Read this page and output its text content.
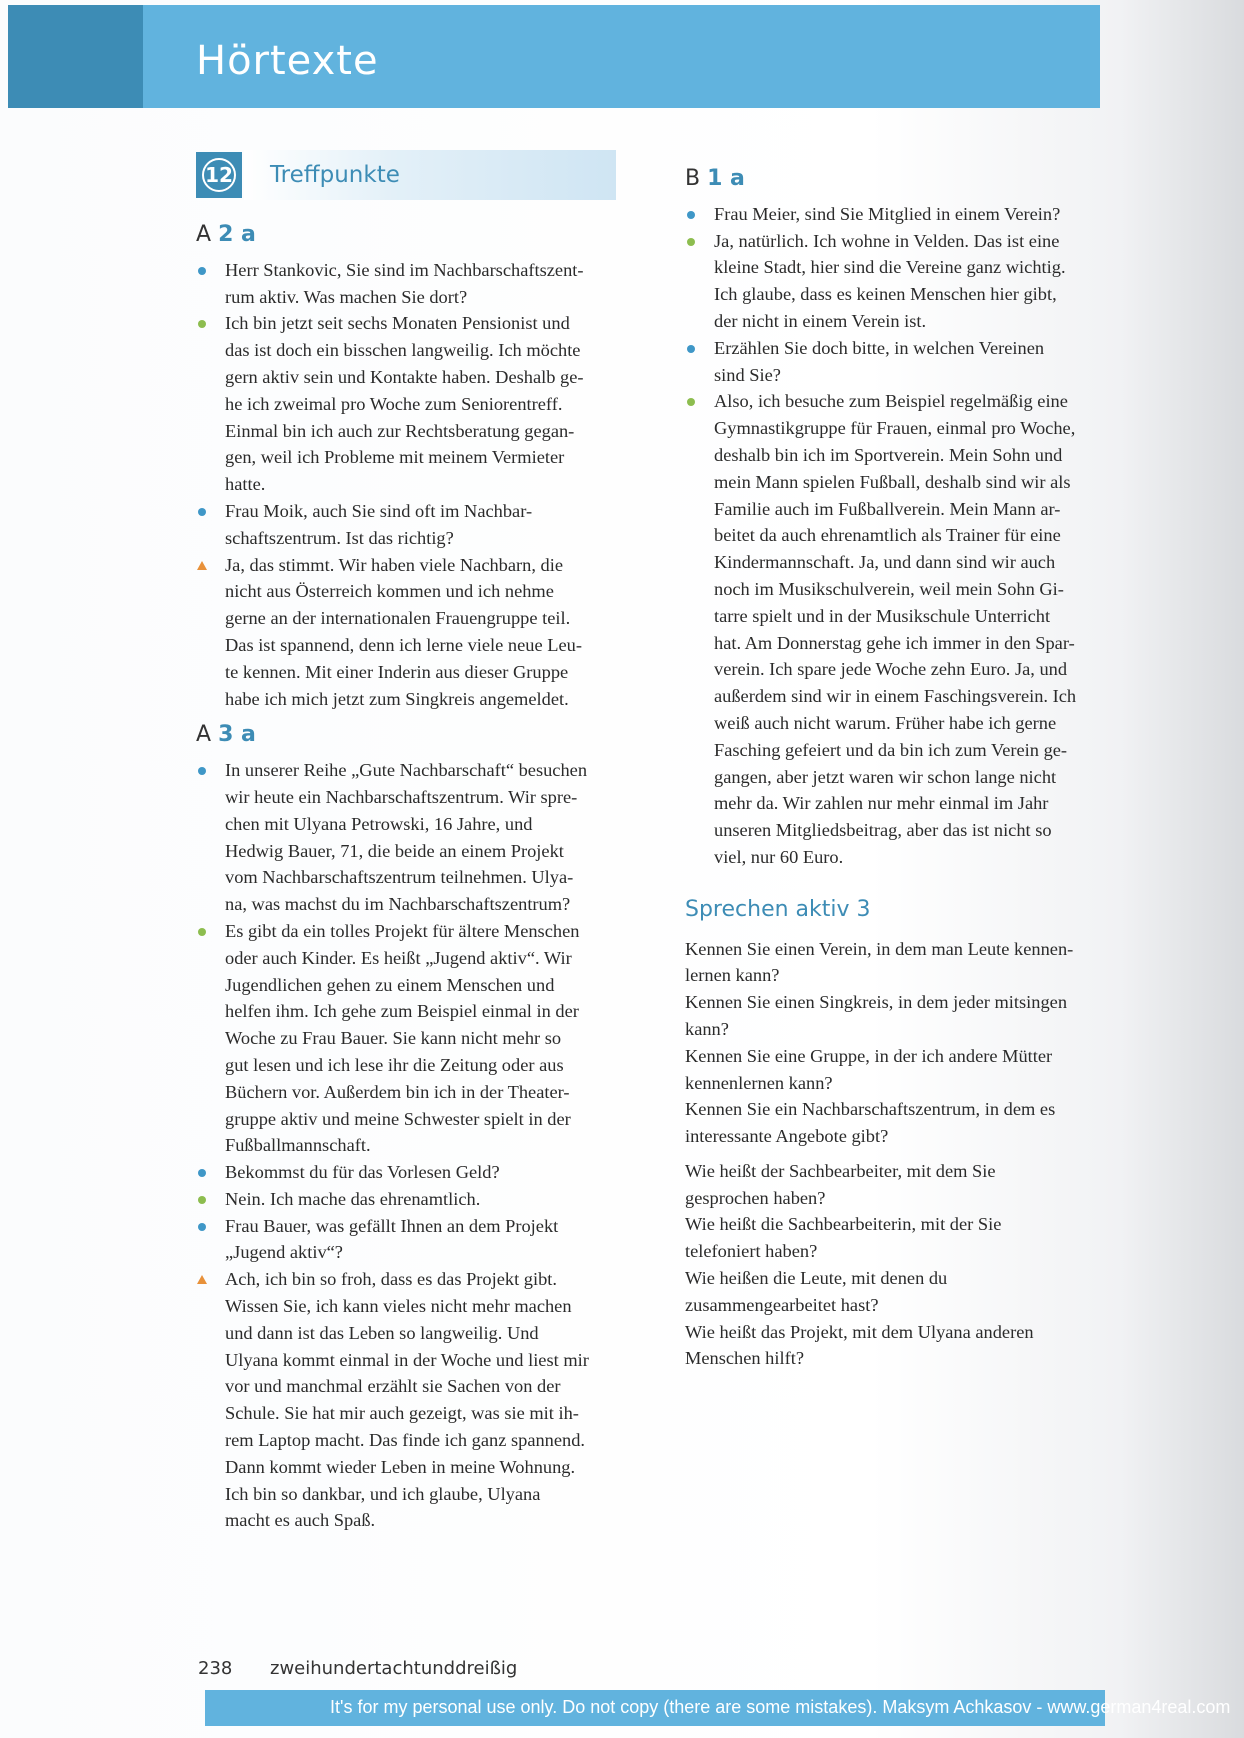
Hörtexte
12	Treffpunkte
A 2 a
Herr Stankovic, Sie sind im Nachbarschaftszent-
rum aktiv. Was machen Sie dort?
Ich bin jetzt seit sechs Monaten Pensionist und
das ist doch ein bisschen langweilig. Ich möchte
gern aktiv sein und Kontakte haben. Deshalb ge-
he ich zweimal pro Woche zum Seniorentreff.
Einmal bin ich auch zur Rechtsberatung gegan-
gen, weil ich Probleme mit meinem Vermieter
hatte.
Frau Moik, auch Sie sind oft im Nachbar-
schaftszentrum. Ist das richtig?
Ja, das stimmt. Wir haben viele Nachbarn, die
nicht aus Österreich kommen und ich nehme
gerne an der internationalen Frauengruppe teil.
Das ist spannend, denn ich lerne viele neue Leu-
te kennen. Mit einer Inderin aus dieser Gruppe
habe ich mich jetzt zum Singkreis angemeldet.
A 3 a
In unserer Reihe „Gute Nachbarschaft“ besuchen
wir heute ein Nachbarschaftszentrum. Wir spre-
chen mit Ulyana Petrowski, 16 Jahre, und
Hedwig Bauer, 71, die beide an einem Projekt
vom Nachbarschaftszentrum teilnehmen. Ulya-
na, was machst du im Nachbarschaftszentrum?
Es gibt da ein tolles Projekt für ältere Menschen
oder auch Kinder. Es heißt „Jugend aktiv“. Wir
Jugendlichen gehen zu einem Menschen und
helfen ihm. Ich gehe zum Beispiel einmal in der
Woche zu Frau Bauer. Sie kann nicht mehr so
gut lesen und ich lese ihr die Zeitung oder aus
Büchern vor. Außerdem bin ich in der Theater-
gruppe aktiv und meine Schwester spielt in der
Fußballmannschaft.
Bekommst du für das Vorlesen Geld?
Nein. Ich mache das ehrenamtlich.
Frau Bauer, was gefällt Ihnen an dem Projekt
„Jugend aktiv“?
Ach, ich bin so froh, dass es das Projekt gibt.
Wissen Sie, ich kann vieles nicht mehr machen
und dann ist das Leben so langweilig. Und
Ulyana kommt einmal in der Woche und liest mir
vor und manchmal erzählt sie Sachen von der
Schule. Sie hat mir auch gezeigt, was sie mit ih-
rem Laptop macht. Das finde ich ganz spannend.
Dann kommt wieder Leben in meine Wohnung.
Ich bin so dankbar, und ich glaube, Ulyana
macht es auch Spaß.
B 1 a
Frau Meier, sind Sie Mitglied in einem Verein?
Ja, natürlich. Ich wohne in Velden. Das ist eine
kleine Stadt, hier sind die Vereine ganz wichtig.
Ich glaube, dass es keinen Menschen hier gibt,
der nicht in einem Verein ist.
Erzählen Sie doch bitte, in welchen Vereinen
sind Sie?
Also, ich besuche zum Beispiel regelmäßig eine
Gymnastikgruppe für Frauen, einmal pro Woche,
deshalb bin ich im Sportverein. Mein Sohn und
mein Mann spielen Fußball, deshalb sind wir als
Familie auch im Fußballverein. Mein Mann ar-
beitet da auch ehrenamtlich als Trainer für eine
Kindermannschaft. Ja, und dann sind wir auch
noch im Musikschulverein, weil mein Sohn Gi-
tarre spielt und in der Musikschule Unterricht
hat. Am Donnerstag gehe ich immer in den Spar-
verein. Ich spare jede Woche zehn Euro. Ja, und
außerdem sind wir in einem Faschingsverein. Ich
weiß auch nicht warum. Früher habe ich gerne
Fasching gefeiert und da bin ich zum Verein ge-
gangen, aber jetzt waren wir schon lange nicht
mehr da. Wir zahlen nur mehr einmal im Jahr
unseren Mitgliedsbeitrag, aber das ist nicht so
viel, nur 60 Euro.
Sprechen aktiv 3
Kennen Sie einen Verein, in dem man Leute kennen-
lernen kann?
Kennen Sie einen Singkreis, in dem jeder mitsingen
kann?
Kennen Sie eine Gruppe, in der ich andere Mütter
kennenlernen kann?
Kennen Sie ein Nachbarschaftszentrum, in dem es
interessante Angebote gibt?
Wie heißt der Sachbearbeiter, mit dem Sie
gesprochen haben?
Wie heißt die Sachbearbeiterin, mit der Sie
telefoniert haben?
Wie heißen die Leute, mit denen du
zusammengearbeitet hast?
Wie heißt das Projekt, mit dem Ulyana anderen
Menschen hilft?
238 zweihundertachtunddreißig
It's for my personal use only. Do not copy (there are some mistakes). Maksym Achkasov - www.german4real.com
